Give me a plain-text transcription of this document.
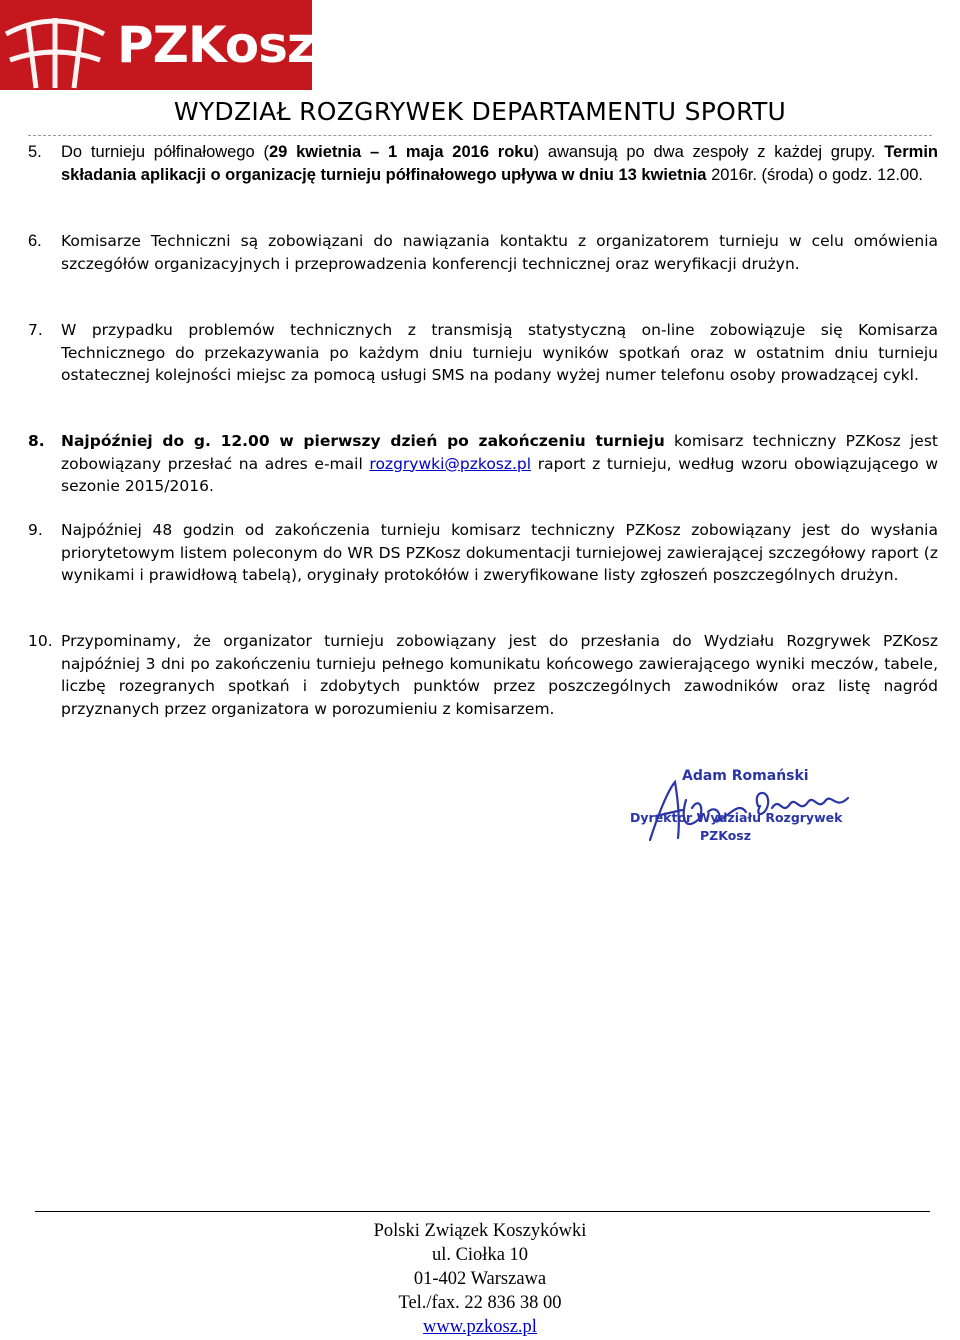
PZKosz
WYDZIAŁ ROZGRYWEK DEPARTAMENTU SPORTU
5. Do turnieju półfinałowego (29 kwietnia – 1 maja 2016 roku) awansują po dwa zespoły z każdej grupy. Termin składania aplikacji o organizację turnieju półfinałowego upływa w dniu 13 kwietnia 2016r. (środa) o godz. 12.00.
6. Komisarze Techniczni są zobowiązani do nawiązania kontaktu z organizatorem turnieju w celu omówienia szczegółów organizacyjnych i przeprowadzenia konferencji technicznej oraz weryfikacji drużyn.
7. W przypadku problemów technicznych z transmisją statystyczną on-line zobowiązuje się Komisarza Technicznego do przekazywania po każdym dniu turnieju wyników spotkań oraz w ostatnim dniu turnieju ostatecznej kolejności miejsc za pomocą usługi SMS na podany wyżej numer telefonu osoby prowadzącej cykl.
8. Najpóźniej do g. 12.00 w pierwszy dzień po zakończeniu turnieju komisarz techniczny PZKosz jest zobowiązany przesłać na adres e-mail rozgrywki@pzkosz.pl raport z turnieju, według wzoru obowiązującego w sezonie 2015/2016.
9. Najpóźniej 48 godzin od zakończenia turnieju komisarz techniczny PZKosz zobowiązany jest do wysłania priorytetowym listem poleconym do WR DS PZKosz dokumentacji turniejowej zawierającej szczegółowy raport (z wynikami i prawidłową tabelą), oryginały protokółów i zweryfikowane listy zgłoszeń poszczególnych drużyn.
10. Przypominamy, że organizator turnieju zobowiązany jest do przesłania do Wydziału Rozgrywek PZKosz najpóźniej 3 dni po zakończeniu turnieju pełnego komunikatu końcowego zawierającego wyniki meczów, tabele, liczbę rozegranych spotkań i zdobytych punktów przez poszczególnych zawodników oraz listę nagród przyznanych przez organizatora w porozumieniu z komisarzem.
Adam Romański
Dyrektor Wydziału Rozgrywek
PZKosz
Polski Związek Koszykówki
ul. Ciołka 10
01-402 Warszawa
Tel./fax. 22 836 38 00
www.pzkosz.pl
